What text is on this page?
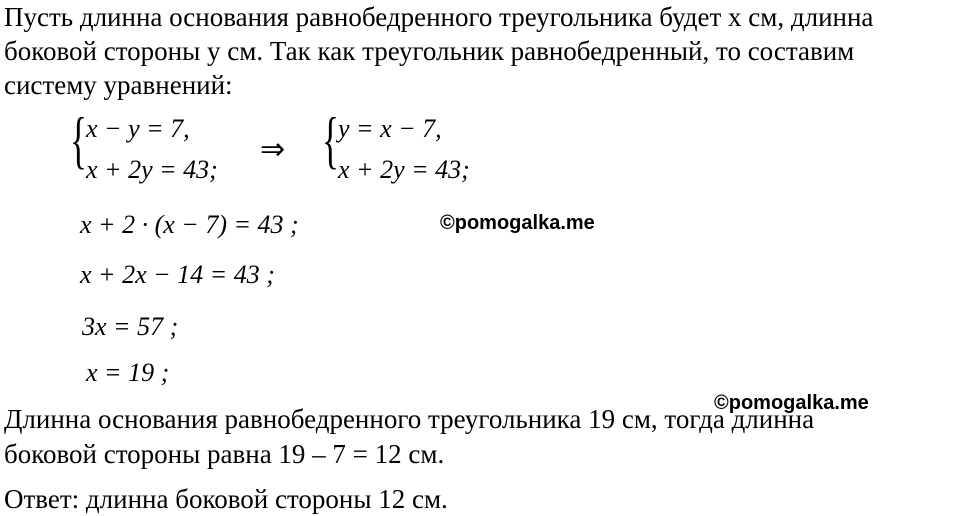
Пусть длинна основания равнобедренного треугольника будет x см, длинна
боковой стороны y см. Так как треугольник равнобедренный, то составим
систему уравнений:
{ x − y = 7,
x + 2y = 43;
⇒ { y = x − 7,
x + 2y = 43;
x + 2 · (x − 7) = 43 ;
x + 2x − 14 = 43 ;
3x = 57 ;
x = 19 ;
©pomogalka.me
©pomogalka.me
Длинна основания равнобедренного треугольника 19 см, тогда длинна
боковой стороны равна 19 – 7 = 12 см.
Ответ: длинна боковой стороны 12 см.
